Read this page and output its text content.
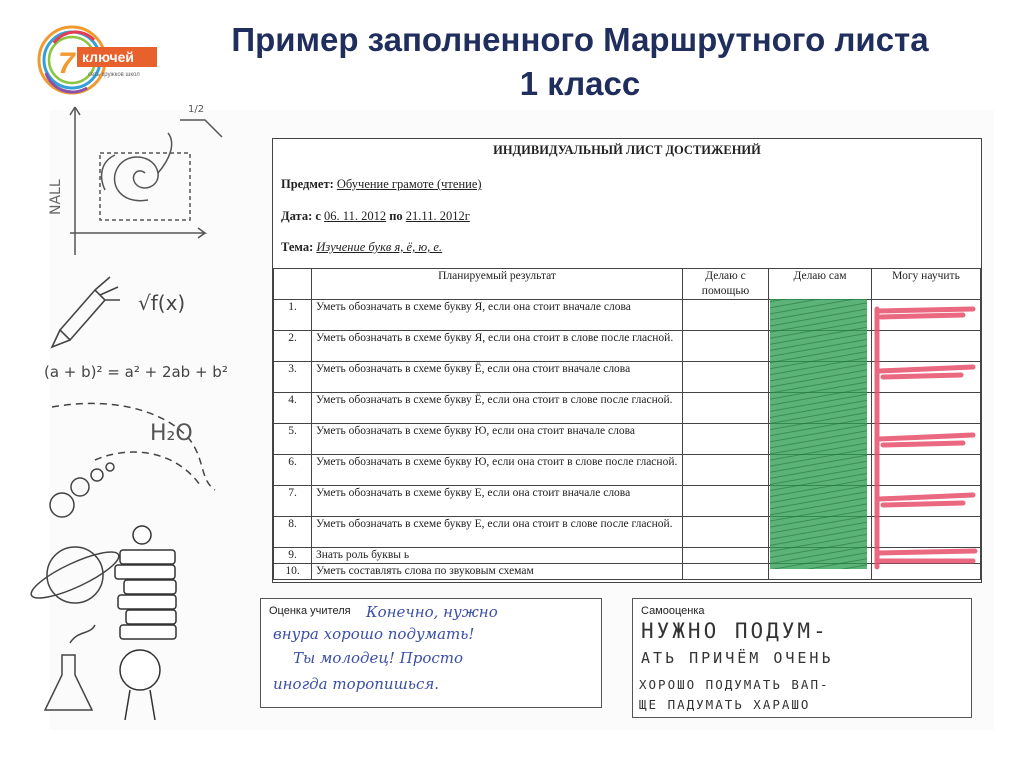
7 ключей
сеть кружков школ
Пример заполненного Маршрутного листа
1 класс
1/2
NALL
√f(x)
(a + b)² = a² + 2ab + b²
H₂O
ИНДИВИДУАЛЬНЫЙ ЛИСТ ДОСТИЖЕНИЙ
Предмет: Обучение грамоте (чтение)
Дата: с 06. 11. 2012 по 21.11. 2012г
Тема: Изучение букв я, ё, ю, е.
	Планируемый результат	Делаю с помощью	Делаю сам	Могу научить
1.	Уметь обозначать в схеме букву Я, если она стоит вначале слова			
2.	Уметь обозначать в схеме букву Я, если она стоит в слове после гласной.			
3.	Уметь обозначать в схеме букву Ё, если она стоит вначале слова			
4.	Уметь обозначать в схеме букву Ё, если она стоит в слове после гласной.			
5.	Уметь обозначать в схеме букву Ю, если она стоит вначале слова			
6.	Уметь обозначать в схеме букву Ю, если она стоит в слове после гласной.			
7.	Уметь обозначать в схеме букву Е, если она стоит вначале слова			
8.	Уметь обозначать в схеме букву Е, если она стоит в слове после гласной.			
9.	Знать роль буквы ь			
10.	Уметь составлять слова по звуковым схемам			
Оценка учителя Конечно, нужно
внура хорошо подумать!
Ты молодец! Просто
иногда торопишься.
Самооценка
НУЖНО ПОДУМ-
АТЬ ПРИЧЁМ ОЧЕНЬ
ХОРОШО ПОДУМАТЬ ВАП-
ЩЕ ПАДУМАТЬ ХАРАШО
